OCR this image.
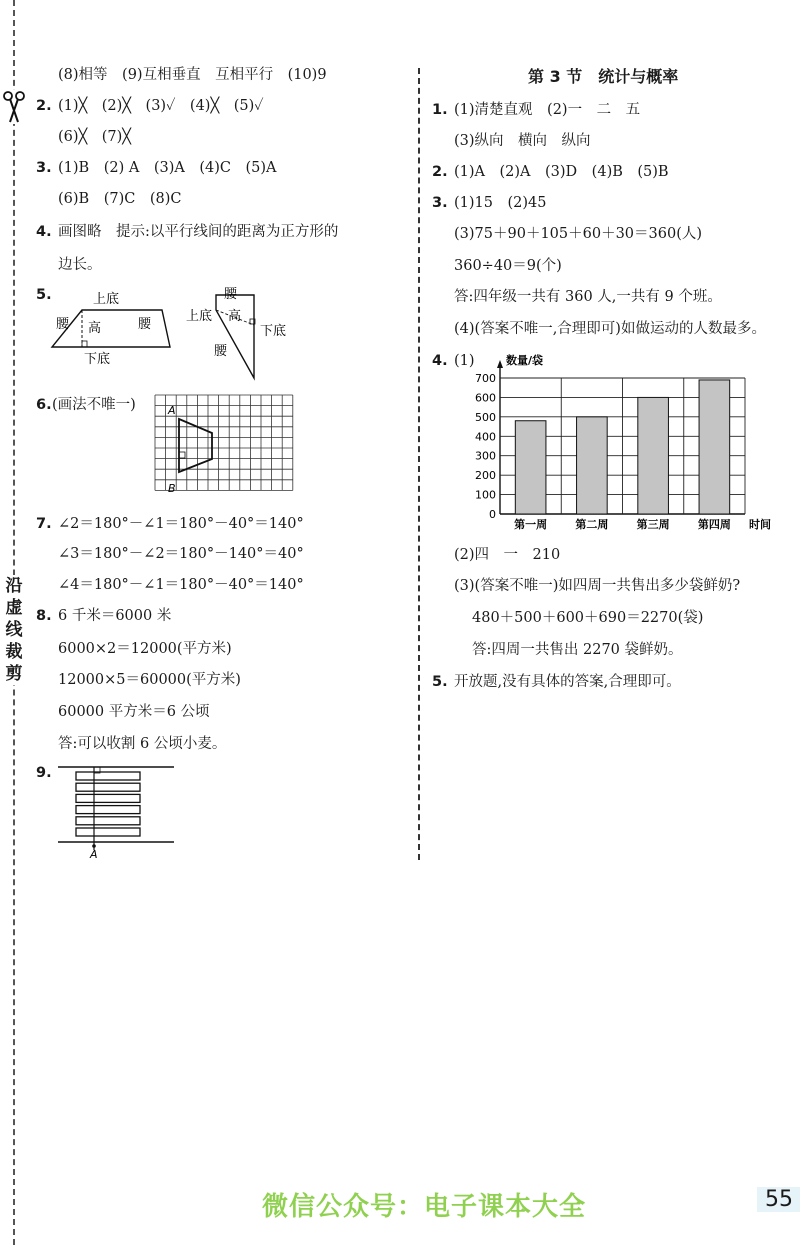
沿
虚
线
裁
剪
(8)相等　(9)互相垂直　互相平行　(10)9
2. (1)╳　(2)╳　(3)✓　(4)╳　(5)✓
(6)╳　(7)╳
3. (1)B　(2) A　(3)A　(4)C　(5)A
(6)B　(7)C　(8)C
4. 画图略　提示:以平行线间的距离为正方形的
边长。
5.	上底
腰 高	腰
下底
腰
上底 高
下底
腰
6. (画法不唯一)	A
B
7. ∠2＝180°－∠1＝180°－40°＝140°
∠3＝180°－∠2＝180°－140°＝40°
∠4＝180°－∠1＝180°－40°＝140°
8. 6 千米＝6000 米
6000×2＝12000(平方米)
12000×5＝60000(平方米)
60000 平方米＝6 公顷
答:可以收割 6 公顷小麦。
9.
A
第 3 节　统计与概率
1. (1)清楚直观　(2)一　二　五
(3)纵向　横向　纵向
2. (1)A　(2)A　(3)D　(4)B　(5)B
3. (1)15　(2)45
(3)75＋90＋105＋60＋30＝360(人)
360÷40＝9(个)
答:四年级一共有 360 人,一共有 9 个班。
(4)(答案不唯一,合理即可)如做运动的人数最多。
4. (1)
0
100
200
300
400
500
600
700
第一周	第二周	第三周	第四周
数量/袋
时间
(2)四　一　210
(3)(答案不唯一)如四周一共售出多少袋鲜奶?
480＋500＋600＋690＝2270(袋)
答:四周一共售出 2270 袋鲜奶。
5. 开放题,没有具体的答案,合理即可。
微信公众号：电子课本大全	55
